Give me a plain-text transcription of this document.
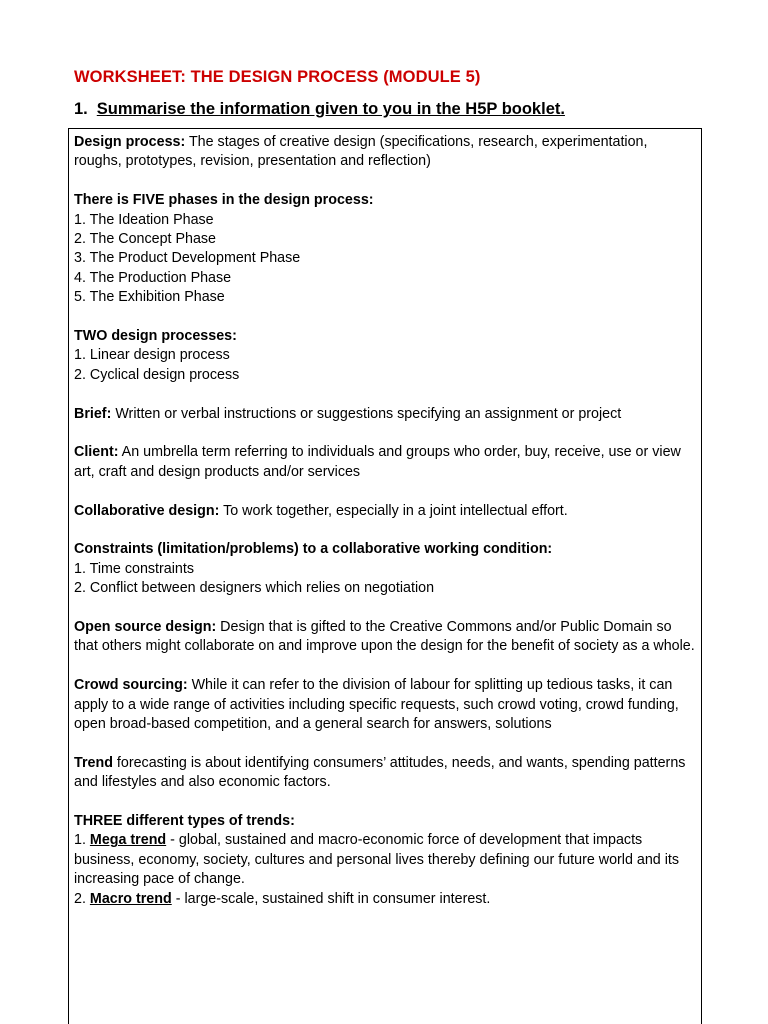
WORKSHEET: THE DESIGN PROCESS (MODULE 5)
1. Summarise the information given to you in the H5P booklet.

Design process: The stages of creative design (specifications, research, experimentation, roughs, prototypes, revision, presentation and reflection)

There is FIVE phases in the design process:
1. The Ideation Phase
2. The Concept Phase
3. The Product Development Phase
4. The Production Phase
5. The Exhibition Phase

TWO design processes:
1. Linear design process
2. Cyclical design process

Brief: Written or verbal instructions or suggestions specifying an assignment or project

Client: An umbrella term referring to individuals and groups who order, buy, receive, use or view art, craft and design products and/or services

Collaborative design: To work together, especially in a joint intellectual effort.

Constraints (limitation/problems) to a collaborative working condition:
1. Time constraints
2. Conflict between designers which relies on negotiation

Open source design: Design that is gifted to the Creative Commons and/or Public Domain so that others might collaborate on and improve upon the design for the benefit of society as a whole.

Crowd sourcing: While it can refer to the division of labour for splitting up tedious tasks, it can apply to a wide range of activities including specific requests, such crowd voting, crowd funding, open broad-based competition, and a general search for answers, solutions

Trend forecasting is about identifying consumers’ attitudes, needs, and wants, spending patterns and lifestyles and also economic factors.

THREE different types of trends:
1. Mega trend - global, sustained and macro-economic force of development that impacts business, economy, society, cultures and personal lives thereby defining our future world and its increasing pace of change.
2. Macro trend - large-scale, sustained shift in consumer interest.
